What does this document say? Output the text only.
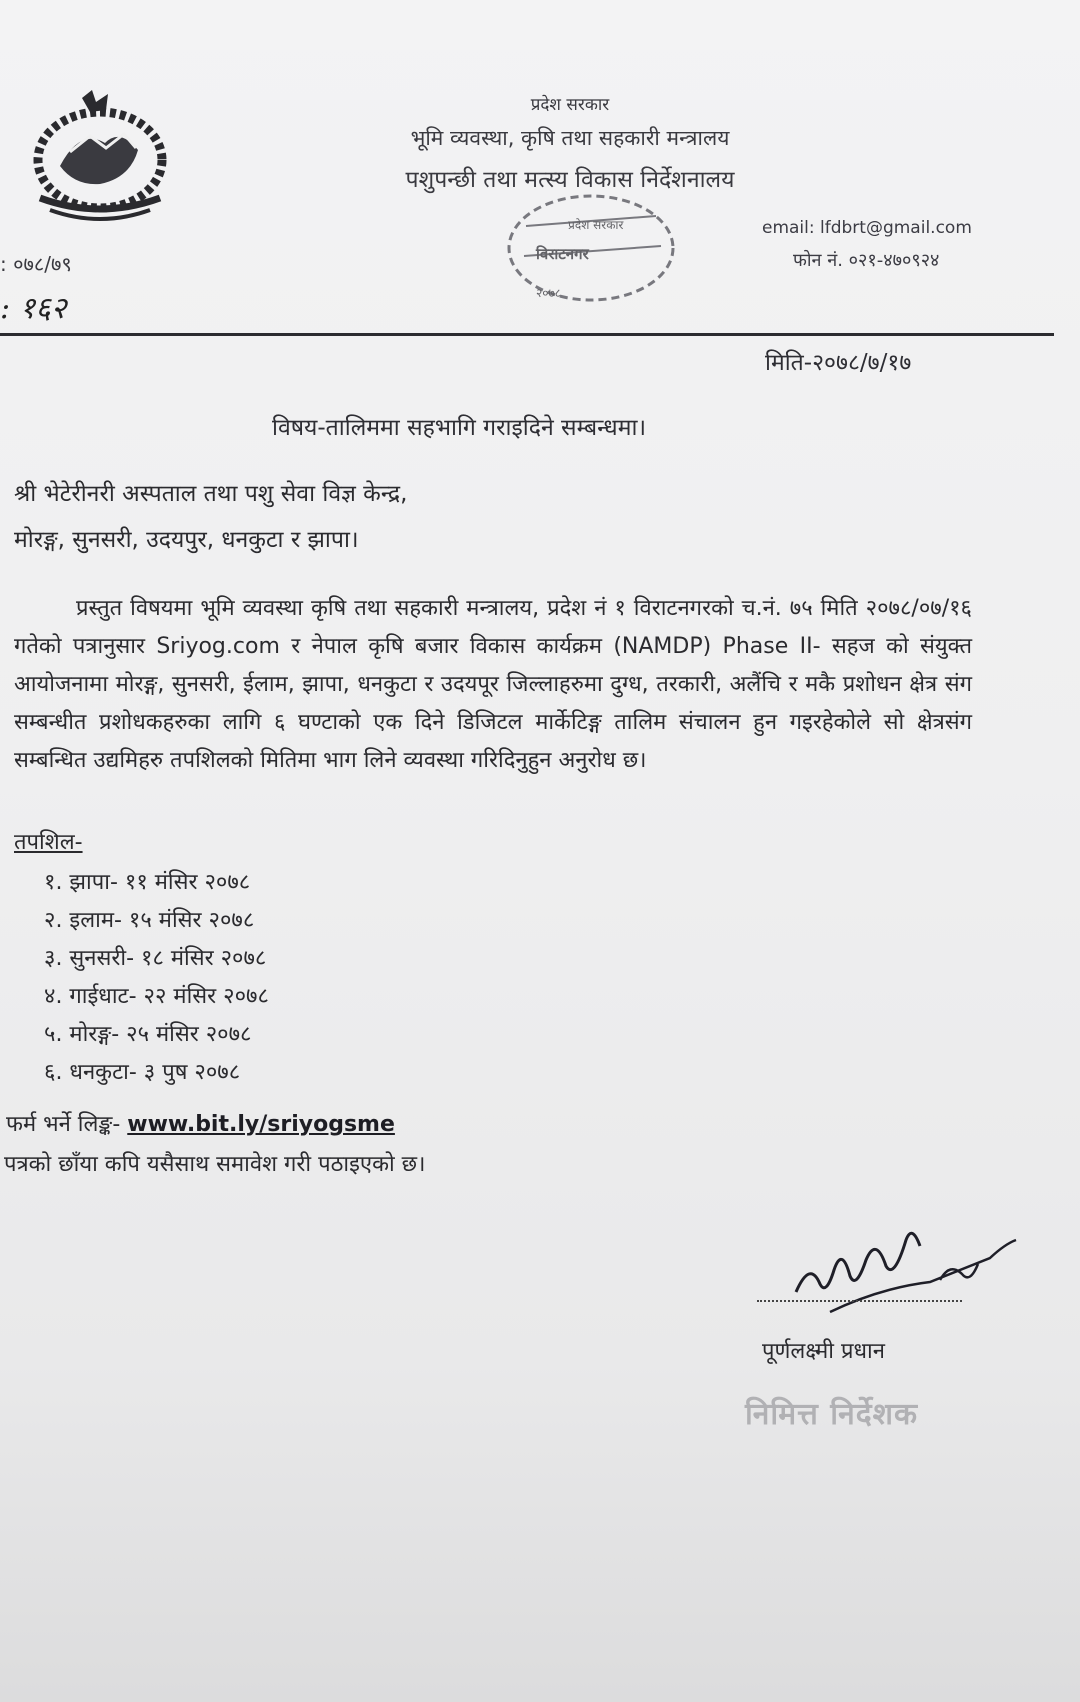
प्रदेश सरकार
भूमि व्यवस्था, कृषि तथा सहकारी मन्त्रालय
पशुपन्छी तथा मत्स्य विकास निर्देशनालय
email: lfdbrt@gmail.com
फोन नं. ०२१-४७०९२४
: ०७८/७९
: १६२
प्रदेश सरकार
विराटनगर
२०७८
मिति-२०७८/७/१७
विषय-तालिममा सहभागि गराइदिने सम्बन्धमा।
श्री भेटेरीनरी अस्पताल तथा पशु सेवा विज्ञ केन्द्र,
मोरङ्ग, सुनसरी, उदयपुर, धनकुटा र झापा।
प्रस्तुत विषयमा भूमि व्यवस्था कृषि तथा सहकारी मन्त्रालय, प्रदेश नं १ विराटनगरको च.नं. ७५ मिति २०७८/०७/१६ गतेको पत्रानुसार Sriyog.com र नेपाल कृषि बजार विकास कार्यक्रम (NAMDP) Phase II- सहज को संयुक्त आयोजनामा मोरङ्ग, सुनसरी, ईलाम, झापा, धनकुटा र उदयपूर जिल्लाहरुमा दुग्ध, तरकारी, अलैंचि र मकै प्रशोधन क्षेत्र संग सम्बन्धीत प्रशोधकहरुका लागि ६ घण्टाको एक दिने डिजिटल मार्केटिङ्ग तालिम संचालन हुन गइरहेकोले सो क्षेत्रसंग सम्बन्धित उद्यमिहरु तपशिलको मितिमा भाग लिने व्यवस्था गरिदिनुहुन अनुरोध छ।
तपशिल-
१. झापा- ११ मंसिर २०७८
२. इलाम- १५ मंसिर २०७८
३. सुनसरी- १८ मंसिर २०७८
४. गाईधाट- २२ मंसिर २०७८
५. मोरङ्ग- २५ मंसिर २०७८
६. धनकुटा- ३ पुष २०७८
फर्म भर्ने लिङ्क- www.bit.ly/sriyogsme
पत्रको छाँया कपि यसैसाथ समावेश गरी पठाइएको छ।
पूर्णलक्ष्मी प्रधान
निमित्त निर्देशक
